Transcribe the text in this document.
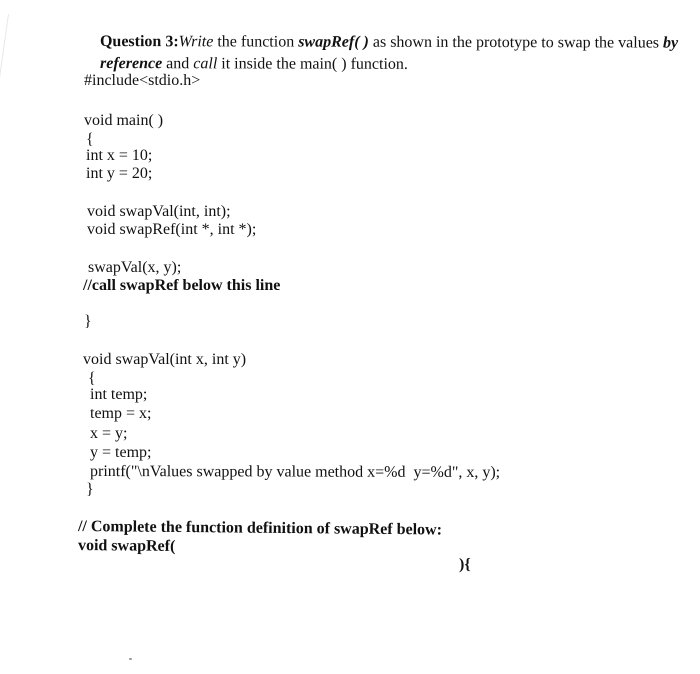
Question 3:Write the function swapRef( ) as shown in the prototype to swap the values by

reference and call it inside the main( ) function.

#include<stdio.h>
void main( )
{
int x = 10;
int y = 20;
void swapVal(int, int);
void swapRef(int *, int *);
swapVal(x, y);
//call swapRef below this line
}
void swapVal(int x, int y)
{
int temp;
temp = x;
x = y;
y = temp;
printf("\nValues swapped by value method x=%d  y=%d", x, y);
}
// Complete the function definition of swapRef below:
void swapRef(
){
